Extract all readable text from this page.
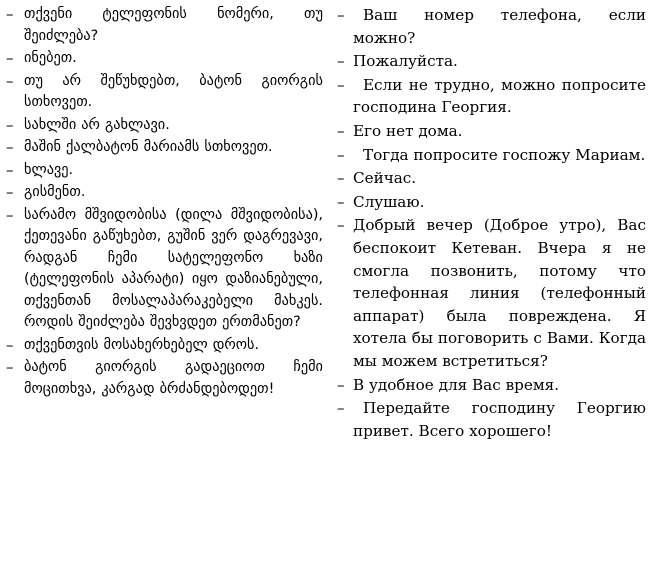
– თქვენი ტელეფონის ნომერი, თუ შეიძლება?
– ინებეთ.
– თუ არ შეწუხდებთ, ბატონ გიორგის სთხოვეთ.
– სახლში არ გახლავი.
– მაშინ ქალბატონ მარიამს სთხოვეთ.
– ხლავე.
– გისმენთ.
– სარამო მშვიდობისა (დილა მშვიდობისა), ქეთევანი გაწუხებთ, გუშინ ვერ დაგრევავი, რადგან ჩემი სატელეფონო ხაზი (ტელეფონის აპარატი) იყო დაზიანებული, თქვენთან მოსალაპარაკებელი მახკეს. როდის შეიძლება შევხვდეთ ერთმანეთ?
– თქვენთვის მოსახერხებელ დროს.
– ბატონ გიორგის გადაეციოთ ჩემი მოცითხვა, კარგად ბრძანდებოდეთ!
–	Ваш номер телефона, если можно?
– Пожалуйста.
–	Если не трудно, можно попросите господина Георгия.
– Его нет дома.
–	Тогда попросите госпожу Мариам.
– Сейчас.
– Слушаю.
– Добрый вечер (Доброе утро), Вас беспокоит Кетеван. Вчера я не смогла позвонить, потому что телефонная линия (телефонный аппарат) была повреждена. Я хотела бы поговорить с Вами. Когда мы можем встретиться?
– В удобное для Вас время.
–	Передайте господину Георгию привет. Всего хорошего!
